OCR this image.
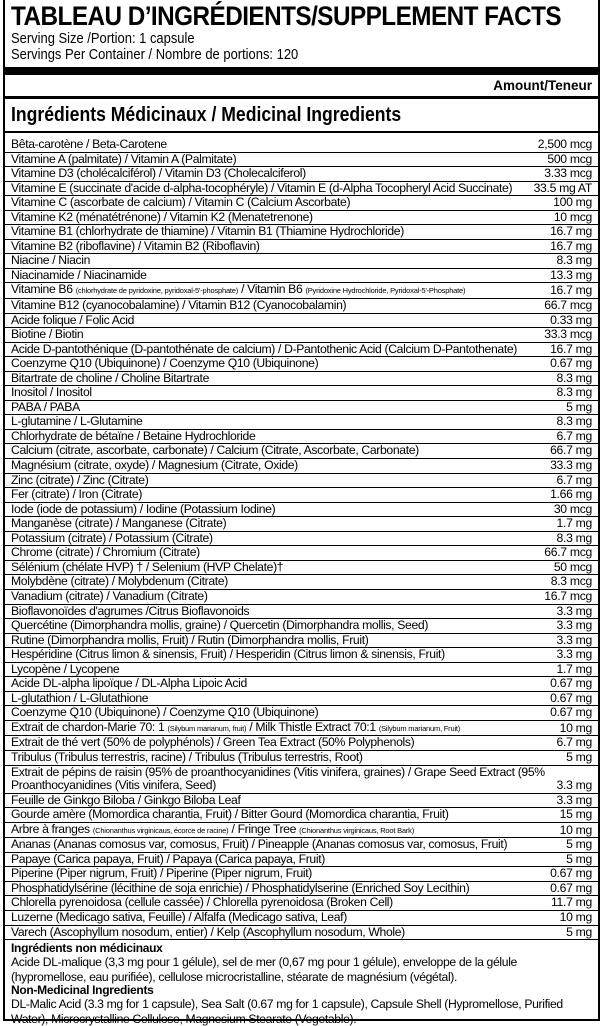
TABLEAU D’INGRÉDIENTS/SUPPLEMENT FACTS
Serving Size /Portion: 1 capsule
Servings Per Container / Nombre de portions: 120
Amount/Teneur
Ingrédients Médicinaux / Medicinal Ingredients
Bêta-carotène / Beta-Carotene	2,500 mcg
Vitamine A (palmitate) / Vitamin A (Palmitate)	500 mcg
Vitamine D3 (cholécalciférol) / Vitamin D3 (Cholecalciferol)	3.33 mcg
Vitamine E (succinate d'acide d-alpha-tocophéryle) / Vitamin E (d-Alpha Tocopheryl Acid Succinate) 33.5 mg AT
Vitamine C (ascorbate de calcium) / Vitamin C (Calcium Ascorbate)	100 mg
Vitamine K2 (ménatétrénone) / Vitamin K2 (Menatetrenone)	10 mcg
Vitamine B1 (chlorhydrate de thiamine) / Vitamin B1 (Thiamine Hydrochloride)	16.7 mg
Vitamine B2 (riboflavine) / Vitamin B2 (Riboflavin)	16.7 mg
Niacine / Niacin	8.3 mg
Niacinamide / Niacinamide	13.3 mg
Vitamine B6 (chlorhydrate de pyridoxine, pyridoxal-5'-phosphate) / Vitamin B6 (Pyridoxine Hydrochloride, Pyridoxal-5'-Phosphate)	16.7 mg
Vitamine B12 (cyanocobalamine) / Vitamin B12 (Cyanocobalamin)	66.7 mcg
Acide folique / Folic Acid	0.33 mg
Biotine / Biotin	33.3 mcg
Acide D-pantothénique (D-pantothénate de calcium) / D-Pantothenic Acid (Calcium D-Pantothenate)	16.7 mg
Coenzyme Q10 (Ubiquinone) / Coenzyme Q10 (Ubiquinone)	0.67 mg
Bitartrate de choline / Choline Bitartrate	8.3 mg
Inositol / Inositol	8.3 mg
PABA / PABA	5 mg
L-glutamine / L-Glutamine	8.3 mg
Chlorhydrate de bétaïne / Betaine Hydrochloride	6.7 mg
Calcium (citrate, ascorbate, carbonate) / Calcium (Citrate, Ascorbate, Carbonate)	66.7 mg
Magnésium (citrate, oxyde) / Magnesium (Citrate, Oxide)	33.3 mg
Zinc (citrate) / Zinc (Citrate)	6.7 mg
Fer (citrate) / Iron (Citrate)	1.66 mg
Iode (iode de potassium) / Iodine (Potassium Iodine)	30 mcg
Manganèse (citrate) / Manganese (Citrate)	1.7 mg
Potassium (citrate) / Potassium (Citrate)	8.3 mg
Chrome (citrate) / Chromium (Citrate)	66.7 mcg
Sélénium (chélate HVP) † / Selenium (HVP Chelate)†	50 mcg
Molybdène (citrate) / Molybdenum (Citrate)	8.3 mcg
Vanadium (citrate) / Vanadium (Citrate)	16.7 mcg
Bioflavonoïdes d'agrumes /Citrus Bioflavonoids	3.3 mg
Quercétine (Dimorphandra mollis, graine) / Quercetin (Dimorphandra mollis, Seed)	3.3 mg
Rutine (Dimorphandra mollis, Fruit) / Rutin (Dimorphandra mollis, Fruit)	3.3 mg
Hespéridine (Citrus limon & sinensis, Fruit) / Hesperidin (Citrus limon & sinensis, Fruit)	3.3 mg
Lycopène / Lycopene	1.7 mg
Acide DL-alpha lipoïque / DL-Alpha Lipoic Acid	0.67 mg
L-glutathion / L-Glutathione	0.67 mg
Coenzyme Q10 (Ubiquinone) / Coenzyme Q10 (Ubiquinone)	0.67 mg
Extrait de chardon-Marie 70: 1 (Silybum marianum, fruit) / Milk Thistle Extract 70:1 (Silybum marianum, Fruit)	10 mg
Extrait de thé vert (50% de polyphénols) / Green Tea Extract (50% Polyphenols)	6.7 mg
Tribulus (Tribulus terrestris, racine) / Tribulus (Tribulus terrestris, Root)	5 mg
Extrait de pépins de raisin (95% de proanthocyanidines (Vitis vinifera, graines) / Grape Seed Extract (95% Proanthocyanidines (Vitis vinifera, Seed)	3.3 mg
Feuille de Ginkgo Biloba / Ginkgo Biloba Leaf	3.3 mg
Gourde amère (Momordica charantia, Fruit) / Bitter Gourd (Momordica charantia, Fruit)	15 mg
Arbre à franges (Chionanthus virginicaus, écorce de racine) / Fringe Tree (Chionanthus virginicaus, Root Bark)	10 mg
Ananas (Ananas comosus var, comosus, Fruit) / Pineapple (Ananas comosus var, comosus, Fruit)	5 mg
Papaye (Carica papaya, Fruit) / Papaya (Carica papaya, Fruit)	5 mg
Piperine (Piper nigrum, Fruit) / Piperine (Piper nigrum, Fruit)	0.67 mg
Phosphatidylsérine (lécithine de soja enrichie) / Phosphatidylserine (Enriched Soy Lecithin)	0.67 mg
Chlorella pyrenoidosa (cellule cassée) / Chlorella pyrenoidosa (Broken Cell)	11.7 mg
Luzerne (Medicago sativa, Feuille) / Alfalfa (Medicago sativa, Leaf)	10 mg
Varech (Ascophyllum nosodum, entier) / Kelp (Ascophyllum nosodum, Whole)	5 mg
Ingrédients non médicinaux
Acide DL-malique (3,3 mg pour 1 gélule), sel de mer (0,67 mg pour 1 gélule), enveloppe de la gélule (hypromellose, eau purifiée), cellulose microcristalline, stéarate de magnésium (végétal).
Non-Medicinal Ingredients
DL-Malic Acid (3.3 mg for 1 capsule), Sea Salt (0.67 mg for 1 capsule), Capsule Shell (Hypromellose, Purified Water), Microcrystalline Cellulose, Magnesium Stearate (Vegetable).
